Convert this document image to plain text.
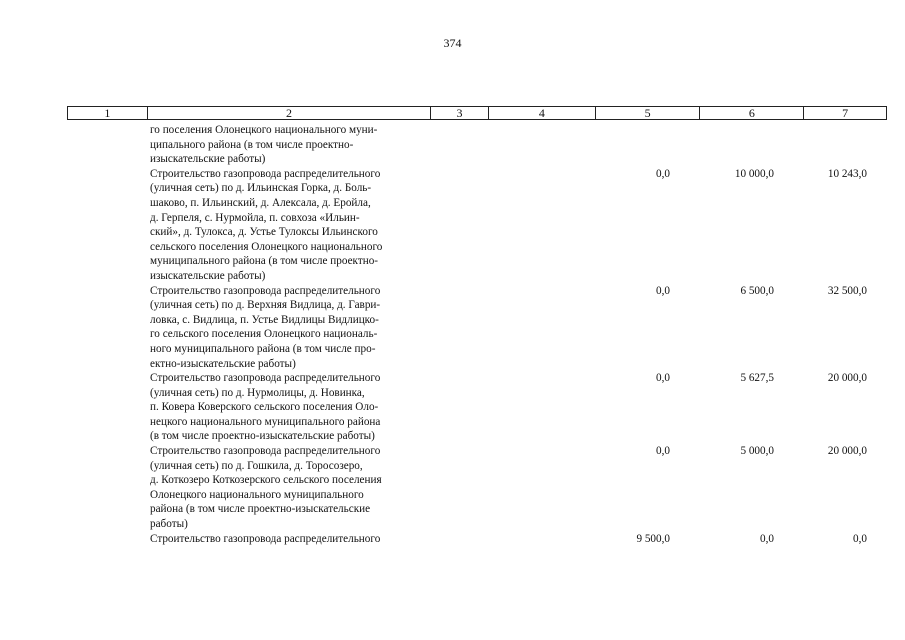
374
1	2	3	4	5	6	7
го поселения Олонецкого национального муни-
ципального района (в том числе проектно-
изыскательские работы)
Строительство газопровода распределительного
(уличная сеть) по д. Ильинская Горка, д. Боль-
шаково, п. Ильинский, д. Алексала, д. Еройла,
д. Герпеля, с. Нурмойла, п. совхоза «Ильин-
ский», д. Тулокса, д. Устье Тулоксы Ильинского
сельского поселения Олонецкого национального
муниципального района (в том числе проектно-
изыскательские работы)
0,0	10 000,0	10 243,0
Строительство газопровода распределительного
(уличная сеть) по д. Верхняя Видлица, д. Гаври-
ловка, с. Видлица, п. Устье Видлицы Видлицко-
го сельского поселения Олонецкого националь-
ного муниципального района (в том числе про-
ектно-изыскательские работы)
0,0	6 500,0	32 500,0
Строительство газопровода распределительного
(уличная сеть) по д. Нурмолицы, д. Новинка,
п. Ковера Коверского сельского поселения Оло-
нецкого национального муниципального района
(в том числе проектно-изыскательские работы)
0,0	5 627,5	20 000,0
Строительство газопровода распределительного
(уличная сеть) по д. Гошкила, д. Торосозеро,
д. Коткозеро Коткозерского сельского поселения
Олонецкого национального муниципального
района (в том числе проектно-изыскательские
работы)
0,0	5 000,0	20 000,0
Строительство газопровода распределительного	9 500,0	0,0	0,0
